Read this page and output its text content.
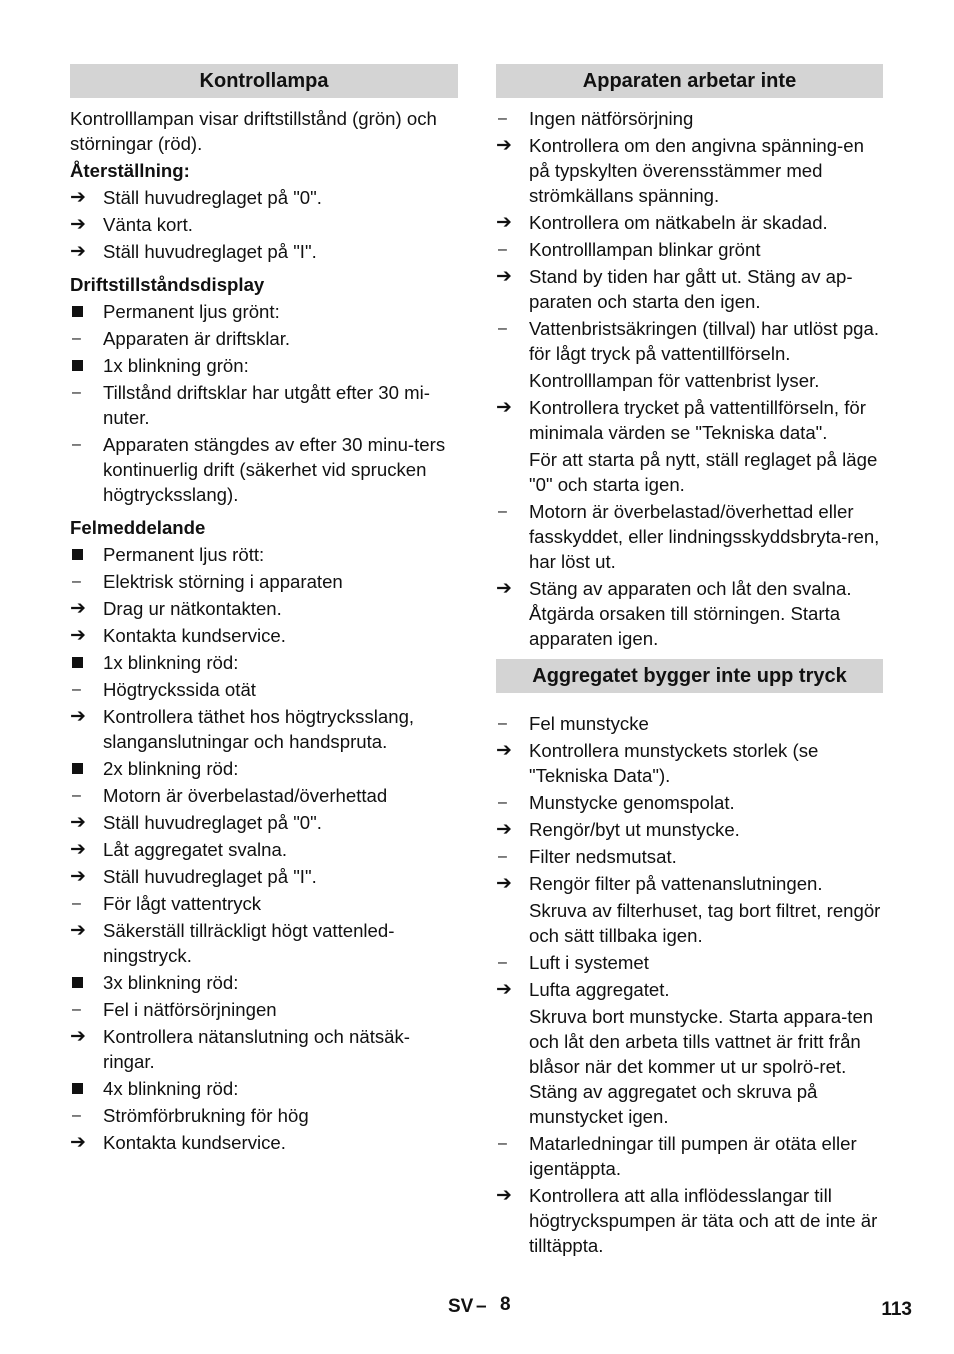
Kontrollampa
Kontrolllampan visar driftstillstånd (grön) och störningar (röd).
Återställning:
➔ Ställ huvudreglaget på "0".
➔ Vänta kort.
➔ Ställ huvudreglaget på "I".
Driftstillståndsdisplay
Permanent ljus grönt:
–	Apparaten är driftsklar.
1x blinkning grön:
–	Tillstånd driftsklar har utgått efter 30 mi-nuter.
–	Apparaten stängdes av efter 30 minu-ters kontinuerlig drift (säkerhet vid sprucken högtrycksslang).
Felmeddelande
Permanent ljus rött:
–	Elektrisk störning i apparaten
➔ Drag ur nätkontakten.
➔ Kontakta kundservice.
1x blinkning röd:
–	Högtryckssida otät
➔ Kontrollera täthet hos högtrycksslang, slanganslutningar och handspruta.
2x blinkning röd:
–	Motorn är överbelastad/överhettad
➔ Ställ huvudreglaget på "0".
➔ Låt aggregatet svalna.
➔ Ställ huvudreglaget på "I".
–	För lågt vattentryck
➔ Säkerställ tillräckligt högt vattenled-ningstryck.
3x blinkning röd:
–	Fel i nätförsörjningen
➔ Kontrollera nätanslutning och nätsäk-ringar.
4x blinkning röd:
–	Strömförbrukning för hög
➔ Kontakta kundservice.
Apparaten arbetar inte
–	Ingen nätförsörjning
➔ Kontrollera om den angivna spänning-en på typskylten överensstämmer med strömkällans spänning.
➔ Kontrollera om nätkabeln är skadad.
–	Kontrolllampan blinkar grönt
➔ Stand by tiden har gått ut. Stäng av ap-paraten och starta den igen.
–	Vattenbristsäkringen (tillval) har utlöst pga. för lågt tryck på vattentillförseln.
Kontrolllampan för vattenbrist lyser.
➔ Kontrollera trycket på vattentillförseln, för minimala värden se "Tekniska data".
För att starta på nytt, ställ reglaget på läge "0" och starta igen.
–	Motorn är överbelastad/överhettad eller fasskyddet, eller lindningsskyddsbryta-ren, har löst ut.
➔ Stäng av apparaten och låt den svalna. Åtgärda orsaken till störningen. Starta apparaten igen.
Aggregatet bygger inte upp tryck
–	Fel munstycke
➔ Kontrollera munstyckets storlek (se "Tekniska Data").
–	Munstycke genomspolat.
➔ Rengör/byt ut munstycke.
–	Filter nedsmutsat.
➔ Rengör filter på vattenanslutningen.
Skruva av filterhuset, tag bort filtret, rengör och sätt tillbaka igen.
–	Luft i systemet
➔ Lufta aggregatet.
Skruva bort munstycke. Starta appara-ten och låt den arbeta tills vattnet är fritt från blåsor när det kommer ut ur spolrö-ret. Stäng av aggregatet och skruva på munstycket igen.
–	Matarledningar till pumpen är otäta eller igentäppta.
➔ Kontrollera att alla inflödesslangar till högtryckspumpen är täta och att de inte är tilltäppta.
SV – 8	113
